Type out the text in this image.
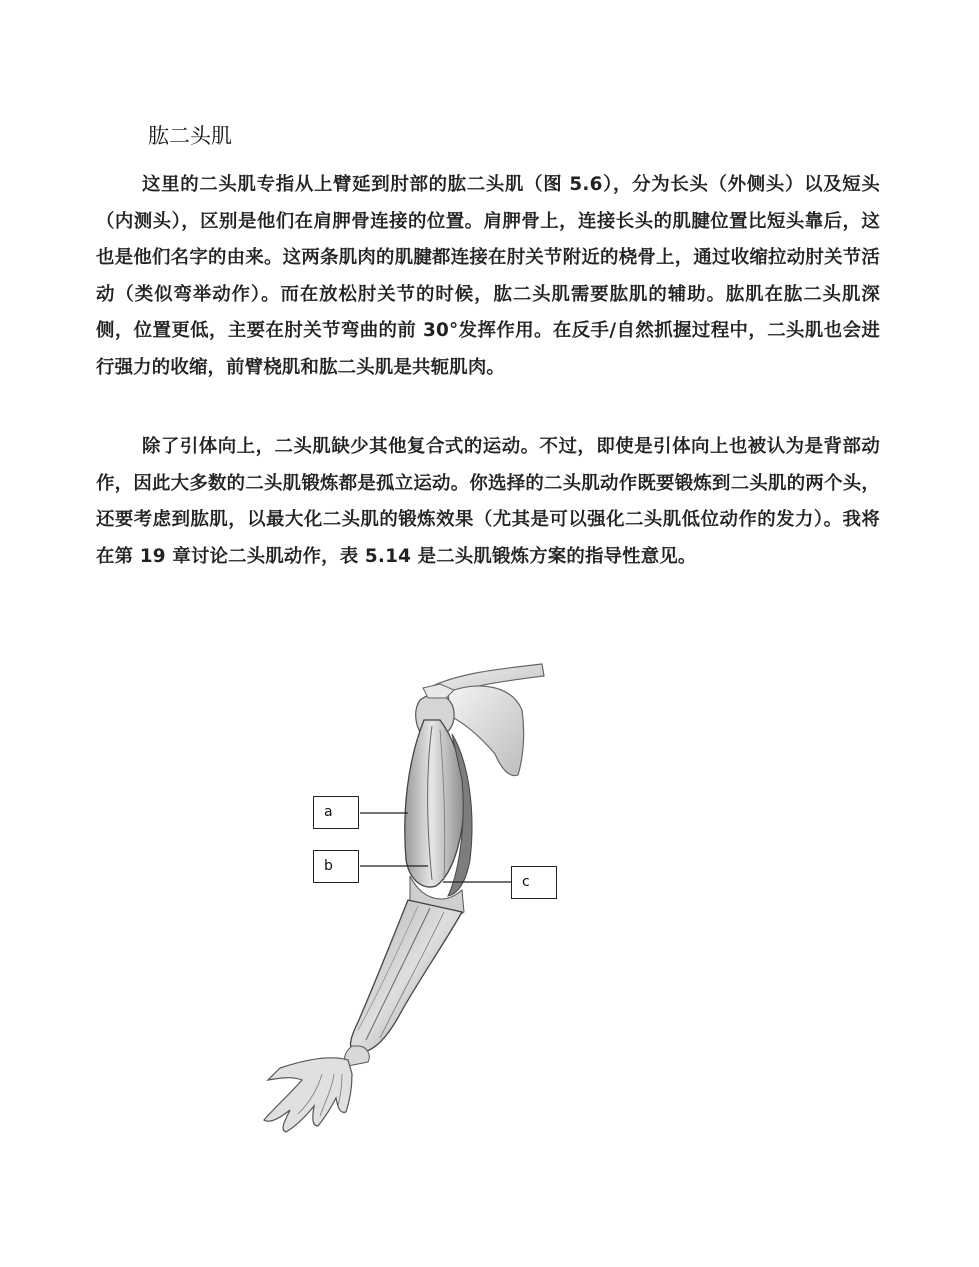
肱二头肌

这里的二头肌专指从上臂延到肘部的肱二头肌（图 5.6），分为长头（外侧头）以及短头（内测头），区别是他们在肩胛骨连接的位置。肩胛骨上，连接长头的肌腱位置比短头靠后，这也是他们名字的由来。这两条肌肉的肌腱都连接在肘关节附近的桡骨上，通过收缩拉动肘关节活动（类似弯举动作）。而在放松肘关节的时候，肱二头肌需要肱肌的辅助。肱肌在肱二头肌深侧，位置更低，主要在肘关节弯曲的前 30°发挥作用。在反手/自然抓握过程中，二头肌也会进行强力的收缩，前臂桡肌和肱二头肌是共轭肌肉。

除了引体向上，二头肌缺少其他复合式的运动。不过，即使是引体向上也被认为是背部动作，因此大多数的二头肌锻炼都是孤立运动。你选择的二头肌动作既要锻炼到二头肌的两个头，还要考虑到肱肌，以最大化二头肌的锻炼效果（尤其是可以强化二头肌低位动作的发力）。我将在第 19 章讨论二头肌动作，表 5.14 是二头肌锻炼方案的指导性意见。

a
b
c
